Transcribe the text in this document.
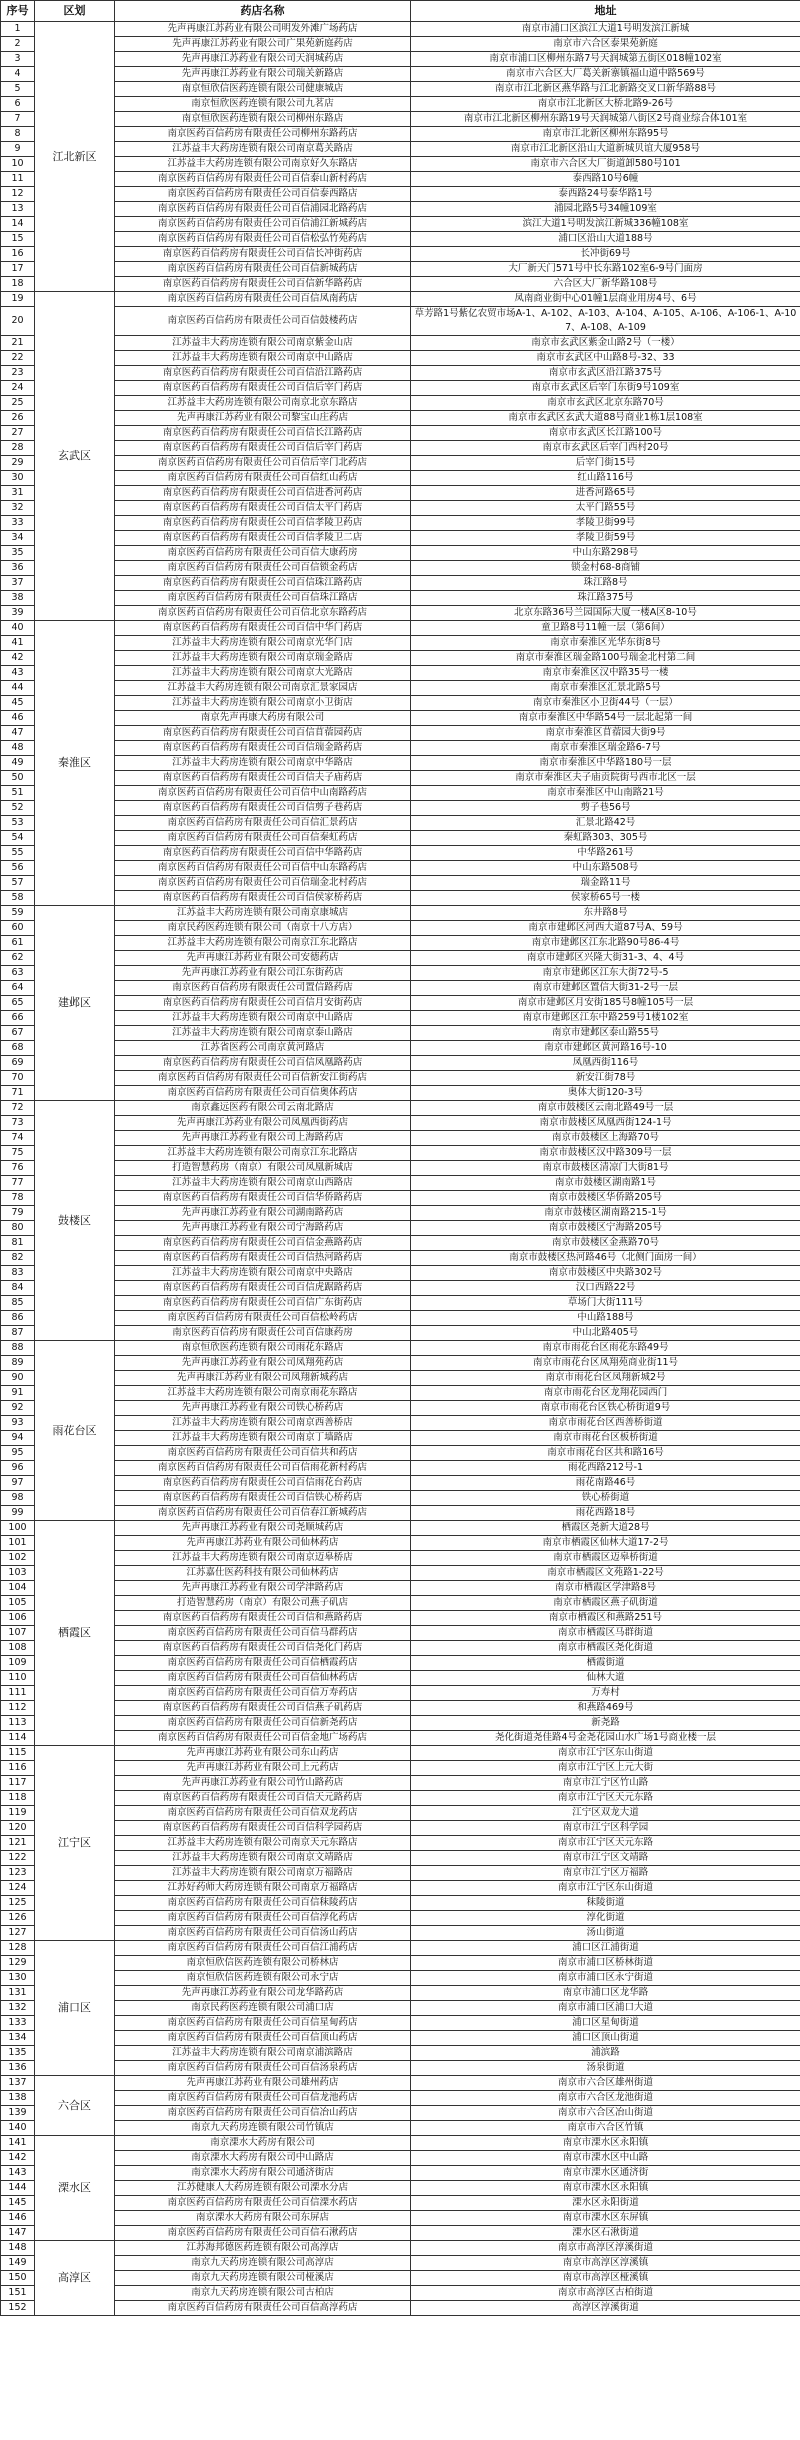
序号	区划	药店名称	地址
1	江北新区	先声再康江苏药业有限公司明发外滩广场药店	南京市浦口区滨江大道1号明发滨江新城
2		先声再康江苏药业有限公司广果苑新庭药店	南京市六合区泰果苑新庭
3		先声再康江苏药业有限公司天润城药店	南京市浦口区柳州东路7号天润城第五街区018幢102室
4		先声再康江苏药业有限公司瑞关新路店	南京市六合区大厂葛关新寨镇福山道中路569号
5		南京恒欣信医药连锁有限公司健康城店	南京市江北新区燕华路与江北新路交叉口新华路88号
6		南京恒欣医药连锁有限公司九茗店	南京市江北新区大桥北路9-26号
7		南京恒欣医药连锁有限公司柳州东路店	南京市江北新区柳州东路19号天润城第八街区2号商业综合体101室
8		南京医药百信药房有限责任公司柳州东路药店	南京市江北新区柳州东路95号
9		江苏益丰大药房连锁有限公司南京葛关路店	南京市江北新区沿山大道新城贝谊大厦958号
10		江苏益丰大药房连锁有限公司南京好久东路店	南京市六合区大厂街道卸580号101
11		南京医药百信药房有限责任公司百信泰山新村药店	泰西路10号6幢
12		南京医药百信药房有限责任公司百信泰西路店	泰西路24号泰华路1号
13		南京医药百信药房有限责任公司百信浦园北路药店	浦园北路5号34幢109室
14		南京医药百信药房有限责任公司百信浦江新城药店	滨江大道1号明发滨江新城336幢108室
15		南京医药百信药房有限责任公司百信松弘竹苑药店	浦口区沿山大道188号
16		南京医药百信药房有限责任公司百信长冲街药店	长冲街69号
17		南京医药百信药房有限责任公司百信新城药店	大厂新天门571号中长东路102室6-9号门面房
18		南京医药百信药房有限责任公司百信新华路药店	六合区大厂新华路108号
19	玄武区	南京医药百信药房有限责任公司百信凤南药店	凤南商业街中心01幢1层商业用房4号、6号
20		南京医药百信药房有限责任公司百信鼓楼药店	草芳路1号紫亿农贸市场A-1、A-102、A-103、A-104、A-105、A-106、A-106-1、A-107、A-108、A-109
21		江苏益丰大药房连锁有限公司南京紫金山店	南京市玄武区紫金山路2号（一楼）
22		江苏益丰大药房连锁有限公司南京中山路店	南京市玄武区中山路8号-32、33
23		南京医药百信药房有限责任公司百信沿江路药店	南京市玄武区沿江路375号
24		南京医药百信药房有限责任公司百信后宰门药店	南京市玄武区后宰门东街9号109室
25		江苏益丰大药房连锁有限公司南京北京东路店	南京市玄武区北京东路70号
26		先声再康江苏药业有限公司黎宝山庄药店	南京市玄武区玄武大道88号商业1栋1层108室
27		南京医药百信药房有限责任公司百信长江路药店	南京市玄武区长江路100号
28		南京医药百信药房有限责任公司百信后宰门药店	南京市玄武区后宰门西村20号
29		南京医药百信药房有限责任公司百信后宰门北药店	后宰门街15号
30		南京医药百信药房有限责任公司百信红山药店	红山路116号
31		南京医药百信药房有限责任公司百信进香河药店	进香河路65号
32		南京医药百信药房有限责任公司百信太平门药店	太平门路55号
33		南京医药百信药房有限责任公司百信孝陵卫药店	孝陵卫街99号
34		南京医药百信药房有限责任公司百信孝陵卫二店	孝陵卫街59号
35		南京医药百信药房有限责任公司百信大康药房	中山东路298号
36		南京医药百信药房有限责任公司百信锁金药店	锁金村68-8商铺
37		南京医药百信药房有限责任公司百信珠江路药店	珠江路8号
38		南京医药百信药房有限责任公司百信珠江路店	珠江路375号
39		南京医药百信药房有限责任公司百信北京东路药店	北京东路36号兰园国际大厦一楼A区8-10号
40	秦淮区	南京医药百信药房有限责任公司百信中华门药店	童卫路8号11幢一层（第6间）
41		江苏益丰大药房连锁有限公司南京光华门店	南京市秦淮区光华东街8号
42		江苏益丰大药房连锁有限公司南京瑞金路店	南京市秦淮区瑞金路100号瑞金北村第二间
43		江苏益丰大药房连锁有限公司南京大光路店	南京市秦淮区汉中路35号一楼
44		江苏益丰大药房连锁有限公司南京汇景家园店	南京市秦淮区汇景北路5号
45		江苏益丰大药房连锁有限公司南京小卫街店	南京市秦淮区小卫街44号（一层）
46		南京先声再康大药房有限公司	南京市秦淮区中华路54号一层北起第一间
47		南京医药百信药房有限责任公司百信苜蓿园药店	南京市秦淮区苜蓿园大街9号
48		南京医药百信药房有限责任公司百信瑞金路药店	南京市秦淮区瑞金路6-7号
49		江苏益丰大药房连锁有限公司南京中华路店	南京市秦淮区中华路180号一层
50		南京医药百信药房有限责任公司百信夫子庙药店	南京市秦淮区夫子庙贡院街号西市北区一层
51		南京医药百信药房有限责任公司百信中山南路药店	南京市秦淮区中山南路21号
52		南京医药百信药房有限责任公司百信剪子巷药店	剪子巷56号
53		南京医药百信药房有限责任公司百信汇景药店	汇景北路42号
54		南京医药百信药房有限责任公司百信秦虹药店	秦虹路303、305号
55		南京医药百信药房有限责任公司百信中华路药店	中华路261号
56		南京医药百信药房有限责任公司百信中山东路药店	中山东路508号
57		南京医药百信药房有限责任公司百信瑞金北村药店	瑞金路11号
58		南京医药百信药房有限责任公司百信侯家桥药店	侯家桥65号一楼
59	建邺区	江苏益丰大药房连锁有限公司南京康城店	东井路8号
60		南京民药医药连锁有限公司（南京十八方店）	南京市建邺区河西大道87号A、59号
61		江苏益丰大药房连锁有限公司南京江东北路店	南京市建邺区江东北路90号86-4号
62		先声再康江苏药业有限公司安德药店	南京市建邺区兴隆大街31-3、4、4号
63		先声再康江苏药业有限公司江东街药店	南京市建邺区江东大街72号-5
64		南京医药百信药房有限责任公司置信路药店	南京市建邺区置信大街31-2号一层
65		南京医药百信药房有限责任公司百信月安街药店	南京市建邺区月安街185号8幢105号一层
66		江苏益丰大药房连锁有限公司南京中山路店	南京市建邺区江东中路259号1楼102室
67		江苏益丰大药房连锁有限公司南京泰山路店	南京市建邺区泰山路55号
68		江苏省医药公司南京黄河路店	南京市建邺区黄河路16号-10
69		南京医药百信药房有限责任公司百信凤凰路药店	凤凰西街116号
70		南京医药百信药房有限责任公司百信新安江街药店	新安江街78号
71		南京医药百信药房有限责任公司百信奥体药店	奥体大街120-3号
72	鼓楼区	南京鑫远医药有限公司云南北路店	南京市鼓楼区云南北路49号一层
73		先声再康江苏药业有限公司凤凰西街药店	南京市鼓楼区凤凰西街124-1号
74		先声再康江苏药业有限公司上海路药店	南京市鼓楼区上海路70号
75		江苏益丰大药房连锁有限公司南京江东北路店	南京市鼓楼区汉中路309号一层
76		打造智慧药房（南京）有限公司凤凰新城店	南京市鼓楼区清凉门大街81号
77		江苏益丰大药房连锁有限公司南京山西路店	南京市鼓楼区湖南路1号
78		南京医药百信药房有限责任公司百信华侨路药店	南京市鼓楼区华侨路205号
79		先声再康江苏药业有限公司湖南路药店	南京市鼓楼区湖南路215-1号
80		先声再康江苏药业有限公司宁海路药店	南京市鼓楼区宁海路205号
81		南京医药百信药房有限责任公司百信金燕路药店	南京市鼓楼区金燕路70号
82		南京医药百信药房有限责任公司百信热河路药店	南京市鼓楼区热河路46号（北侧门面房一间）
83		江苏益丰大药房连锁有限公司南京中央路店	南京市鼓楼区中央路302号
84		南京医药百信药房有限责任公司百信虎踞路药店	汉口西路22号
85		南京医药百信药房有限责任公司百信广东街药店	草场门大街111号
86		南京医药百信药房有限责任公司百信松岭药店	中山路188号
87		南京医药百信药房有限责任公司百信康药房	中山北路405号
88	雨花台区	南京恒欣医药连锁有限公司雨花东路店	南京市雨花台区雨花东路49号
89		先声再康江苏药业有限公司凤翔苑药店	南京市雨花台区凤翔苑商业街11号
90		先声再康江苏药业有限公司凤翔新城药店	南京市雨花台区凤翔新城2号
91		江苏益丰大药房连锁有限公司南京雨花东路店	南京市雨花台区龙翔花园西门
92		先声再康江苏药业有限公司铁心桥药店	南京市雨花台区铁心桥街道9号
93		江苏益丰大药房连锁有限公司南京西善桥店	南京市雨花台区西善桥街道
94		江苏益丰大药房连锁有限公司南京丁墙路店	南京市雨花台区板桥街道
95		南京医药百信药房有限责任公司百信共和药店	南京市雨花台区共和路16号
96		南京医药百信药房有限责任公司百信雨花新村药店	雨花西路212号-1
97		南京医药百信药房有限责任公司百信雨花台药店	雨花南路46号
98		南京医药百信药房有限责任公司百信铁心桥药店	铁心桥街道
99		南京医药百信药房有限责任公司百信春江新城药店	雨花西路18号
100	栖霞区	先声再康江苏药业有限公司尧顺城药店	栖霞区尧新大道28号
101		先声再康江苏药业有限公司仙林药店	南京市栖霞区仙林大道17-2号
102		江苏益丰大药房连锁有限公司南京迈皋桥店	南京市栖霞区迈皋桥街道
103		江苏嘉仕医药科技有限公司仙林药店	南京市栖霞区文苑路1-22号
104		先声再康江苏药业有限公司学津路药店	南京市栖霞区学津路8号
105		打造智慧药房（南京）有限公司燕子矶店	南京市栖霞区燕子矶街道
106		南京医药百信药房有限责任公司百信和燕路药店	南京市栖霞区和燕路251号
107		南京医药百信药房有限责任公司百信马群药店	南京市栖霞区马群街道
108		南京医药百信药房有限责任公司百信尧化门药店	南京市栖霞区尧化街道
109		南京医药百信药房有限责任公司百信栖霞药店	栖霞街道
110		南京医药百信药房有限责任公司百信仙林药店	仙林大道
111		南京医药百信药房有限责任公司百信万寿药店	万寿村
112		南京医药百信药房有限责任公司百信燕子矶药店	和燕路469号
113		南京医药百信药房有限责任公司百信新尧药店	新尧路
114		南京医药百信药房有限责任公司百信金地广场药店	尧化街道尧佳路4号金尧花园山水广场1号商业楼一层
115	江宁区	先声再康江苏药业有限公司东山药店	南京市江宁区东山街道
116		先声再康江苏药业有限公司上元药店	南京市江宁区上元大街
117		先声再康江苏药业有限公司竹山路药店	南京市江宁区竹山路
118		南京医药百信药房有限责任公司百信天元路药店	南京市江宁区天元东路
119		南京医药百信药房有限责任公司百信双龙药店	江宁区双龙大道
120		南京医药百信药房有限责任公司百信科学园药店	南京市江宁区科学园
121		江苏益丰大药房连锁有限公司南京天元东路店	南京市江宁区天元东路
122		江苏益丰大药房连锁有限公司南京文靖路店	南京市江宁区文靖路
123		江苏益丰大药房连锁有限公司南京万福路店	南京市江宁区万福路
124		江苏好药师大药房连锁有限公司南京万福路店	南京市江宁区东山街道
125		南京医药百信药房有限责任公司百信秣陵药店	秣陵街道
126		南京医药百信药房有限责任公司百信淳化药店	淳化街道
127		南京医药百信药房有限责任公司百信汤山药店	汤山街道
128	浦口区	南京医药百信药房有限责任公司百信江浦药店	浦口区江浦街道
129		南京恒欣信医药连锁有限公司桥林店	南京市浦口区桥林街道
130		南京恒欣信医药连锁有限公司永宁店	南京市浦口区永宁街道
131		先声再康江苏药业有限公司龙华路药店	南京市浦口区龙华路
132		南京民药医药连锁有限公司浦口店	南京市浦口区浦口大道
133		南京医药百信药房有限责任公司百信星甸药店	浦口区星甸街道
134		南京医药百信药房有限责任公司百信顶山药店	浦口区顶山街道
135		江苏益丰大药房连锁有限公司南京浦滨路店	浦滨路
136		南京医药百信药房有限责任公司百信汤泉药店	汤泉街道
137	六合区	先声再康江苏药业有限公司雄州药店	南京市六合区雄州街道
138		南京医药百信药房有限责任公司百信龙池药店	南京市六合区龙池街道
139		南京医药百信药房有限责任公司百信冶山药店	南京市六合区冶山街道
140		南京九天药房连锁有限公司竹镇店	南京市六合区竹镇
141	溧水区	南京溧水大药房有限公司	南京市溧水区永阳镇
142		南京溧水大药房有限公司中山路店	南京市溧水区中山路
143		南京溧水大药房有限公司通济街店	南京市溧水区通济街
144		江苏健康人大药房连锁有限公司溧水分店	南京市溧水区永阳镇
145		南京医药百信药房有限责任公司百信溧水药店	溧水区永阳街道
146		南京溧水大药房有限公司东屏店	南京市溧水区东屏镇
147		南京医药百信药房有限责任公司百信石湫药店	溧水区石湫街道
148	高淳区	江苏海邦德医药连锁有限公司高淳店	南京市高淳区淳溪街道
149		南京九天药房连锁有限公司高淳店	南京市高淳区淳溪镇
150		南京九天药房连锁有限公司桠溪店	南京市高淳区桠溪镇
151		南京九天药房连锁有限公司古柏店	南京市高淳区古柏街道
152		南京医药百信药房有限责任公司百信高淳药店	高淳区淳溪街道
